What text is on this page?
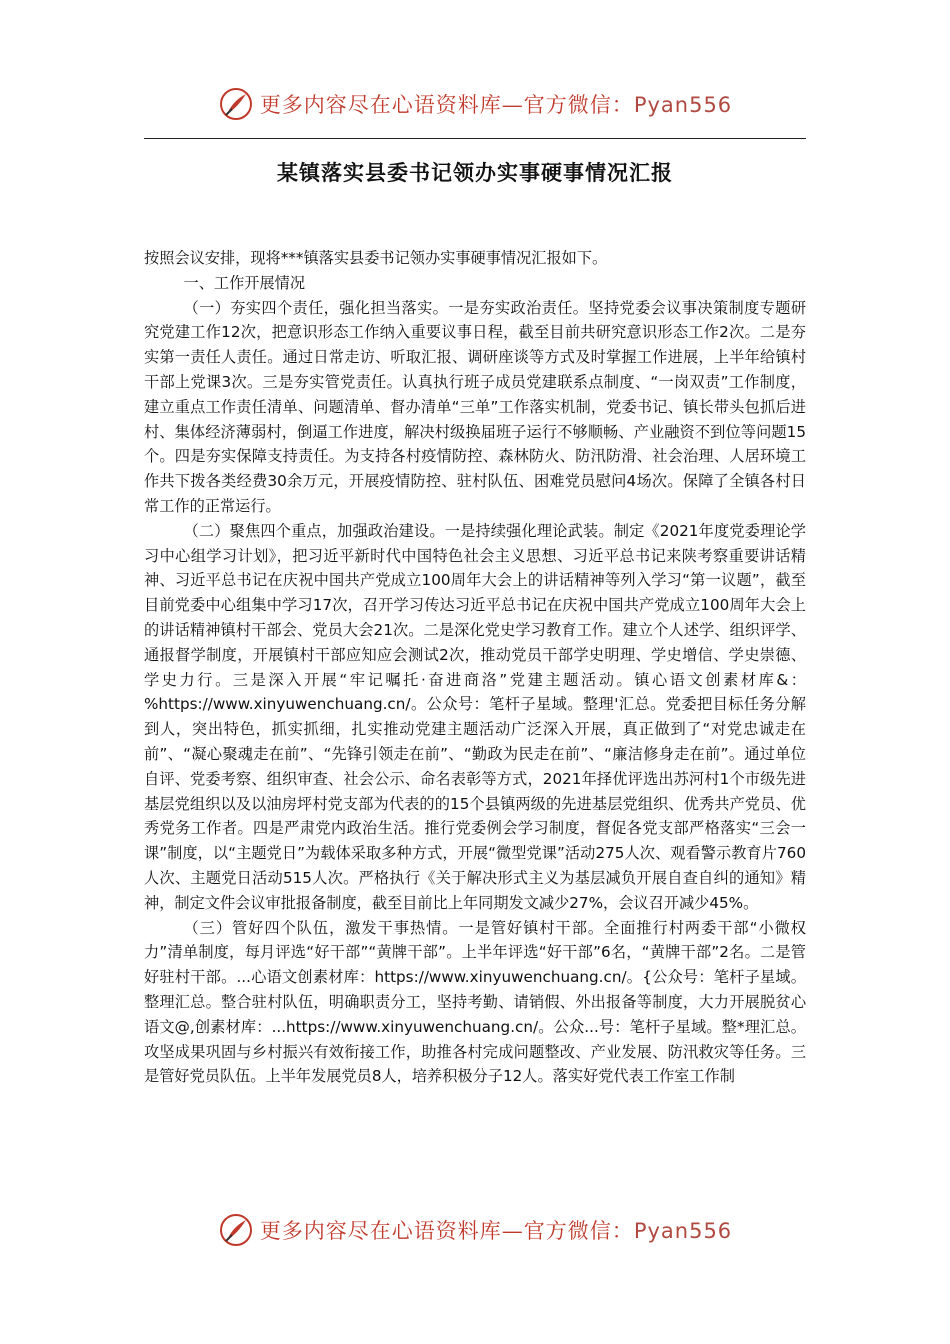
更多内容尽在心语资料库—官方微信：Pyan556
某镇落实县委书记领办实事硬事情况汇报

按照会议安排，现将***镇落实县委书记领办实事硬事情况汇报如下。

一、工作开展情况

（一）夯实四个责任，强化担当落实。一是夯实政治责任。坚持党委会议事决策制度专题研究党建工作12次，把意识形态工作纳入重要议事日程，截至目前共研究意识形态工作2次。二是夯实第一责任人责任。通过日常走访、听取汇报、调研座谈等方式及时掌握工作进展，上半年给镇村干部上党课3次。三是夯实管党责任。认真执行班子成员党建联系点制度、“一岗双责”工作制度，建立重点工作责任清单、问题清单、督办清单“三单”工作落实机制，党委书记、镇长带头包抓后进村、集体经济薄弱村，倒逼工作进度，解决村级换届班子运行不够顺畅、产业融资不到位等问题15个。四是夯实保障支持责任。为支持各村疫情防控、森林防火、防汛防滑、社会治理、人居环境工作共下拨各类经费30余万元，开展疫情防控、驻村队伍、困难党员慰问4场次。保障了全镇各村日常工作的正常运行。

（二）聚焦四个重点，加强政治建设。一是持续强化理论武装。制定《2021年度党委理论学习中心组学习计划》，把习近平新时代中国特色社会主义思想、习近平总书记来陕考察重要讲话精神、习近平总书记在庆祝中国共产党成立100周年大会上的讲话精神等列入学习“第一议题”，截至目前党委中心组集中学习17次，召开学习传达习近平总书记在庆祝中国共产党成立100周年大会上的讲话精神镇村干部会、党员大会21次。二是深化党史学习教育工作。建立个人述学、组织评学、通报督学制度，开展镇村干部应知应会测试2次，推动党员干部学史明理、学史增信、学史崇德、学史力行。三是深入开展“牢记嘱托·奋进商洛”党建主题活动。镇心语文创素材库&：%https://www.xinyuwenchuang.cn/。公众号：笔杆子星域。整理'汇总。党委把目标任务分解到人，突出特色，抓实抓细，扎实推动党建主题活动广泛深入开展，真正做到了“对党忠诚走在前”、“凝心聚魂走在前”、“先锋引领走在前”、“勤政为民走在前”、“廉洁修身走在前”。通过单位自评、党委考察、组织审查、社会公示、命名表彰等方式，2021年择优评选出苏河村1个市级先进基层党组织以及以油房坪村党支部为代表的的15个县镇两级的先进基层党组织、优秀共产党员、优秀党务工作者。四是严肃党内政治生活。推行党委例会学习制度，督促各党支部严格落实“三会一课”制度，以“主题党日”为载体采取多种方式，开展“微型党课”活动275人次、观看警示教育片760人次、主题党日活动515人次。严格执行《关于解决形式主义为基层减负开展自查自纠的通知》精神，制定文件会议审批报备制度，截至目前比上年同期发文减少27%，会议召开减少45%。

（三）管好四个队伍，激发干事热情。一是管好镇村干部。全面推行村两委干部“小微权力”清单制度，每月评选“好干部”“黄牌干部”。上半年评选“好干部”6名，“黄牌干部”2名。二是管好驻村干部。...心语文创素材库：https://www.xinyuwenchuang.cn/。{公众号：笔杆子星域。整理汇总。整合驻村队伍，明确职责分工，坚持考勤、请销假、外出报备等制度，大力开展脱贫心语文@,创素材库：...https://www.xinyuwenchuang.cn/。公众...号：笔杆子星域。整*理汇总。攻坚成果巩固与乡村振兴有效衔接工作，助推各村完成问题整改、产业发展、防汛救灾等任务。三是管好党员队伍。上半年发展党员8人，培养积极分子12人。落实好党代表工作室工作制

更多内容尽在心语资料库—官方微信：Pyan556
